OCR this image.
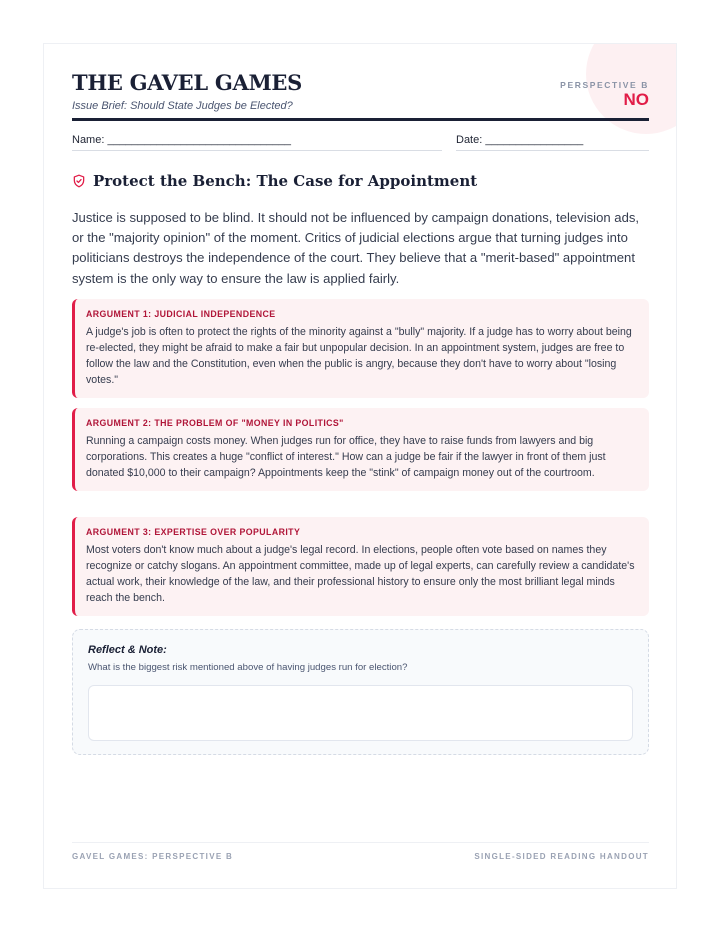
THE GAVEL GAMES
Issue Brief: Should State Judges be Elected?
PERSPECTIVE B
NO
Name: ______________________________	Date: ________________
Protect the Bench: The Case for Appointment

Justice is supposed to be blind. It should not be influenced by campaign donations, television ads, or the "majority opinion" of the moment. Critics of judicial elections argue that turning judges into politicians destroys the independence of the court. They believe that a "merit-based" appointment system is the only way to ensure the law is applied fairly.

ARGUMENT 1: JUDICIAL INDEPENDENCE

A judge's job is often to protect the rights of the minority against a "bully" majority. If a judge has to worry about being re-elected, they might be afraid to make a fair but unpopular decision. In an appointment system, judges are free to follow the law and the Constitution, even when the public is angry, because they don't have to worry about "losing votes."

ARGUMENT 2: THE PROBLEM OF "MONEY IN POLITICS"

Running a campaign costs money. When judges run for office, they have to raise funds from lawyers and big corporations. This creates a huge "conflict of interest." How can a judge be fair if the lawyer in front of them just donated $10,000 to their campaign? Appointments keep the "stink" of campaign money out of the courtroom.

ARGUMENT 3: EXPERTISE OVER POPULARITY

Most voters don't know much about a judge's legal record. In elections, people often vote based on names they recognize or catchy slogans. An appointment committee, made up of legal experts, can carefully review a candidate's actual work, their knowledge of the law, and their professional history to ensure only the most brilliant legal minds reach the bench.

Reflect & Note:
What is the biggest risk mentioned above of having judges run for election?
GAVEL GAMES: PERSPECTIVE B	SINGLE-SIDED READING HANDOUT
